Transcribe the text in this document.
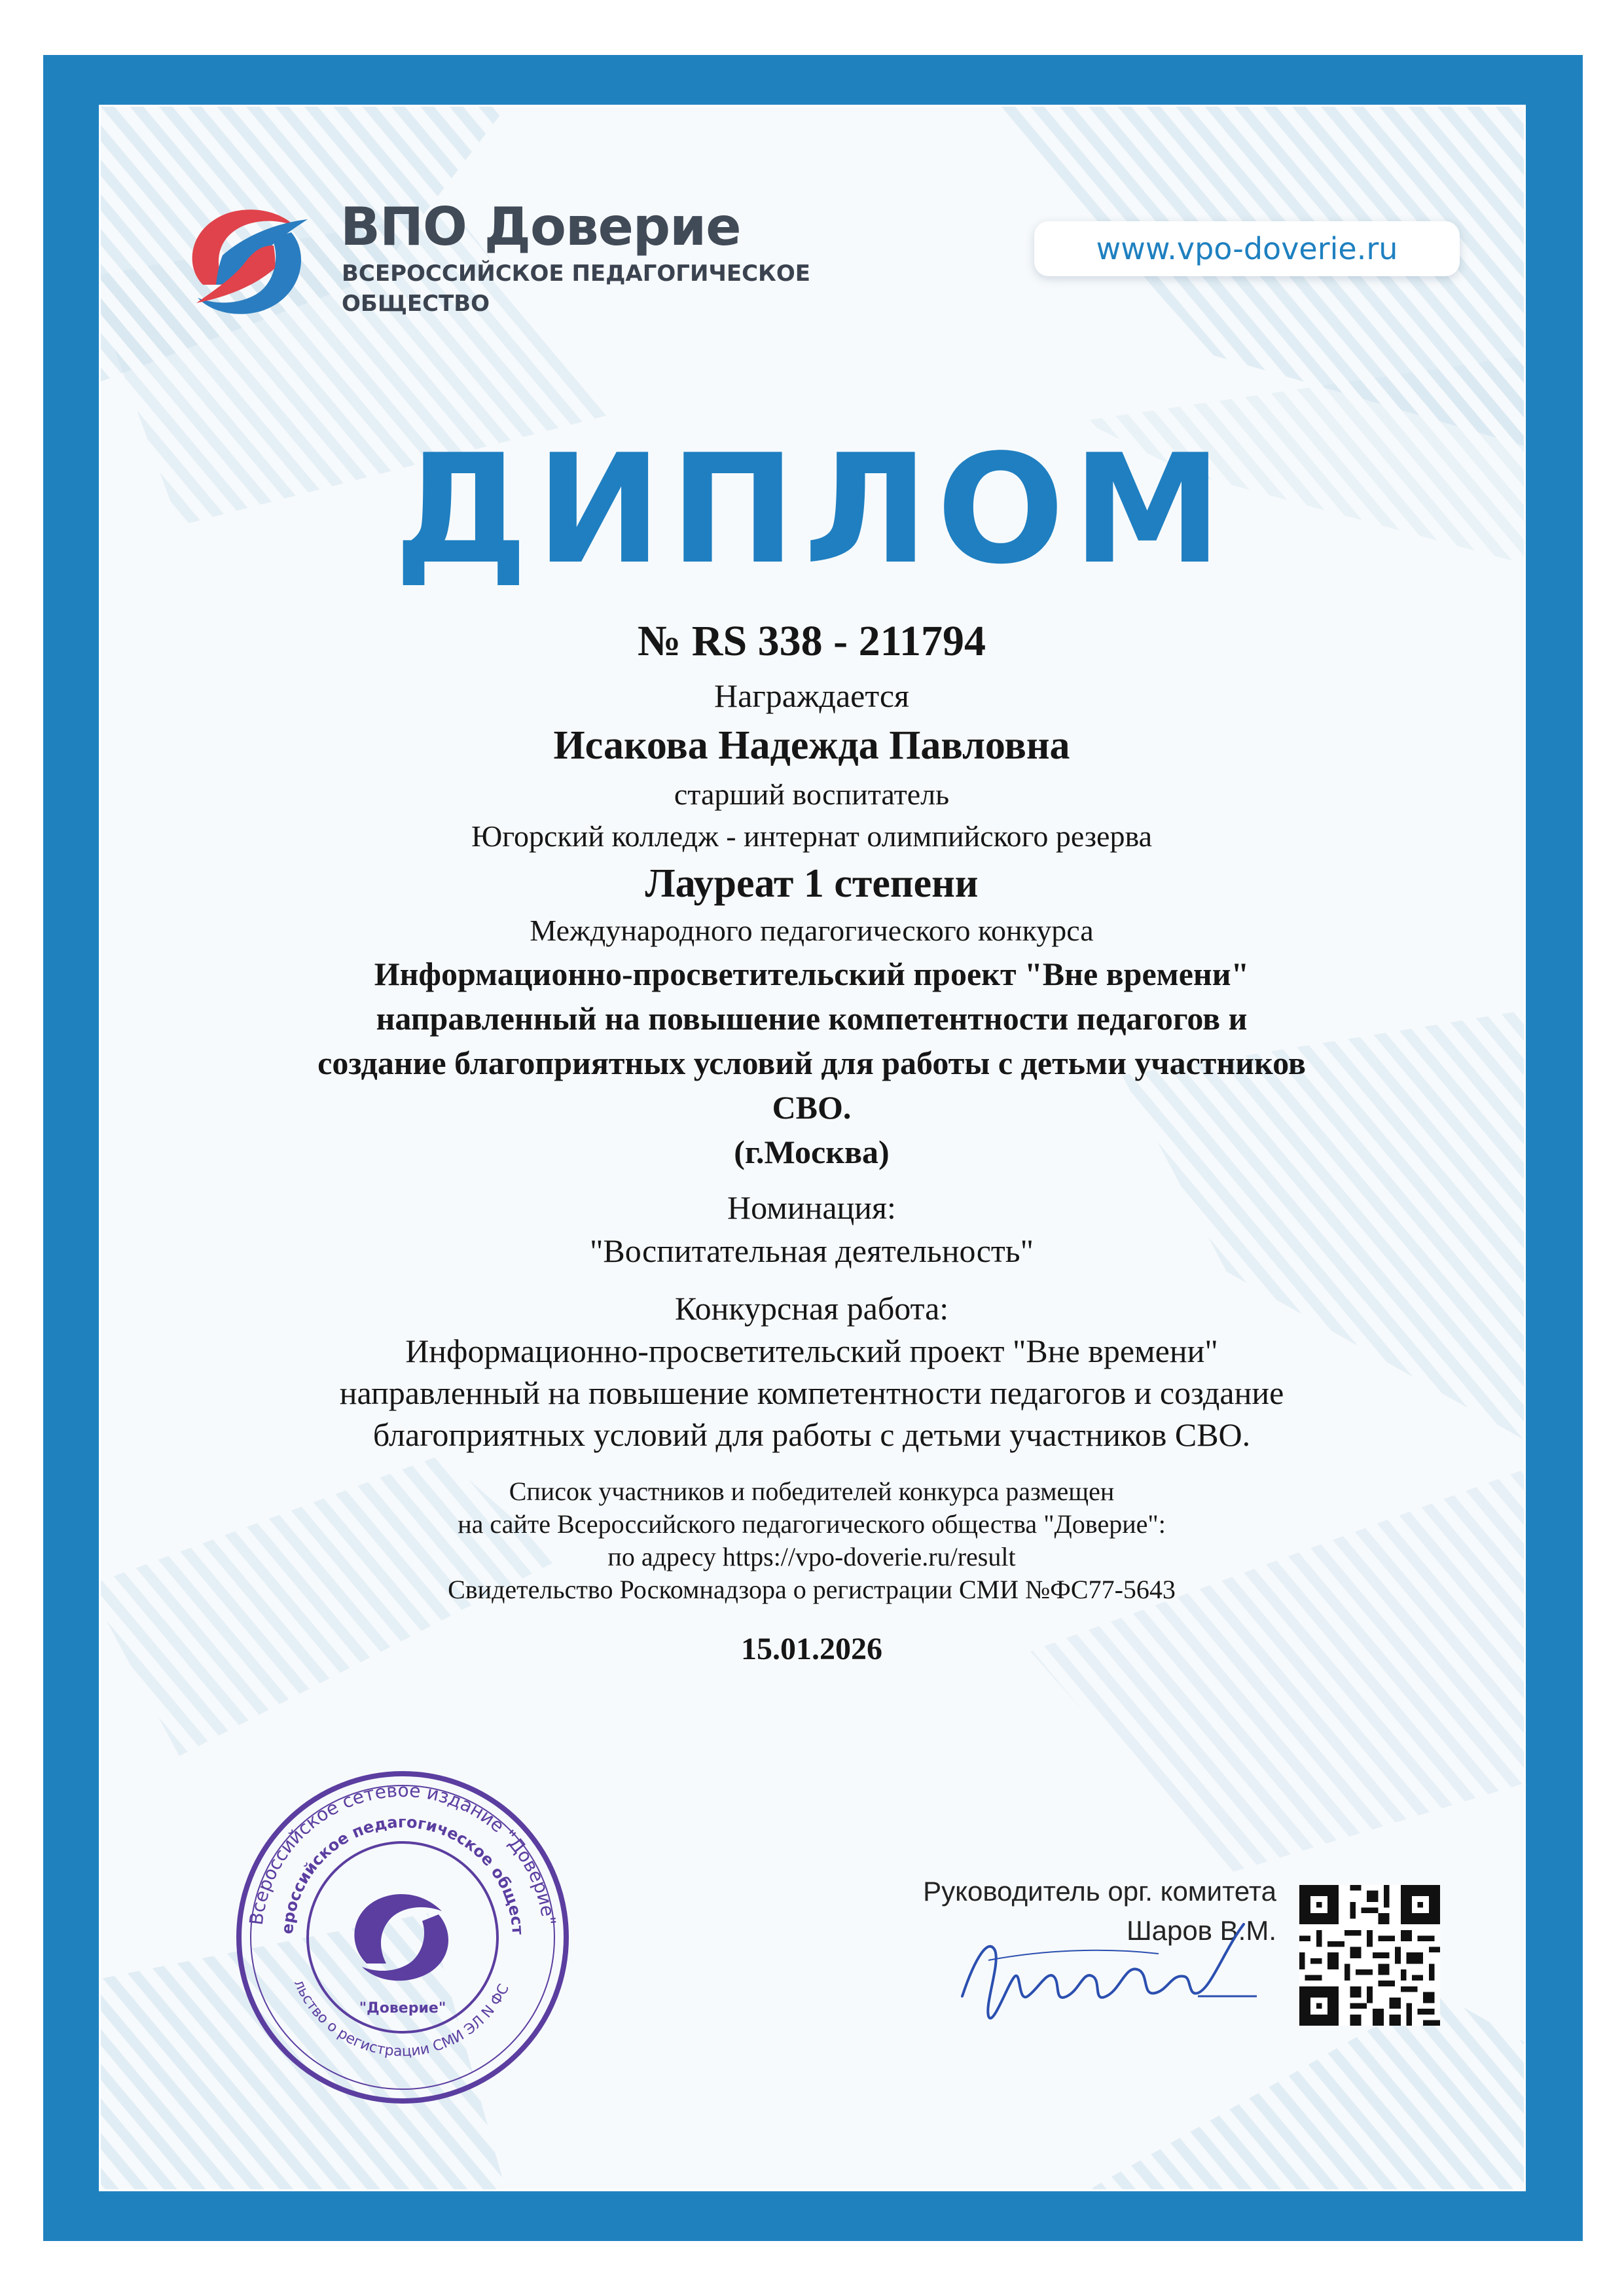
ВПО Доверие
ВСЕРОССИЙСКОЕ ПЕДАГОГИЧЕСКОЕ
ОБЩЕСТВО
www.vpo-doverie.ru
ДИПЛОМ
№ RS 338 - 211794
Награждается
Исакова Надежда Павловна
старший воспитатель
Югорский колледж - интернат олимпийского резерва
Лауреат 1 степени
Международного педагогического конкурса
Информационно-просветительский проект "Вне времени"
направленный на повышение компетентности педагогов и
создание благоприятных условий для работы с детьми участников
СВО.
(г.Москва)
Номинация:
"Воспитательная деятельность"
Конкурсная работа:
Информационно-просветительский проект "Вне времени"
направленный на повышение компетентности педагогов и создание
благоприятных условий для работы с детьми участников СВО.
Список участников и победителей конкурса размещен
на сайте Всероссийского педагогического общества "Доверие":
по адресу https://vpo-doverie.ru/result
Свидетельство Роскомнадзора о регистрации СМИ №ФС77-5643
15.01.2026
Всероссийское сетевое издание "Доверие"
ероссийское педагогическое общест
льство о регистрации СМИ ЭЛ N ФС
"Доверие"
Руководитель орг. комитета
Шаров В.М.
